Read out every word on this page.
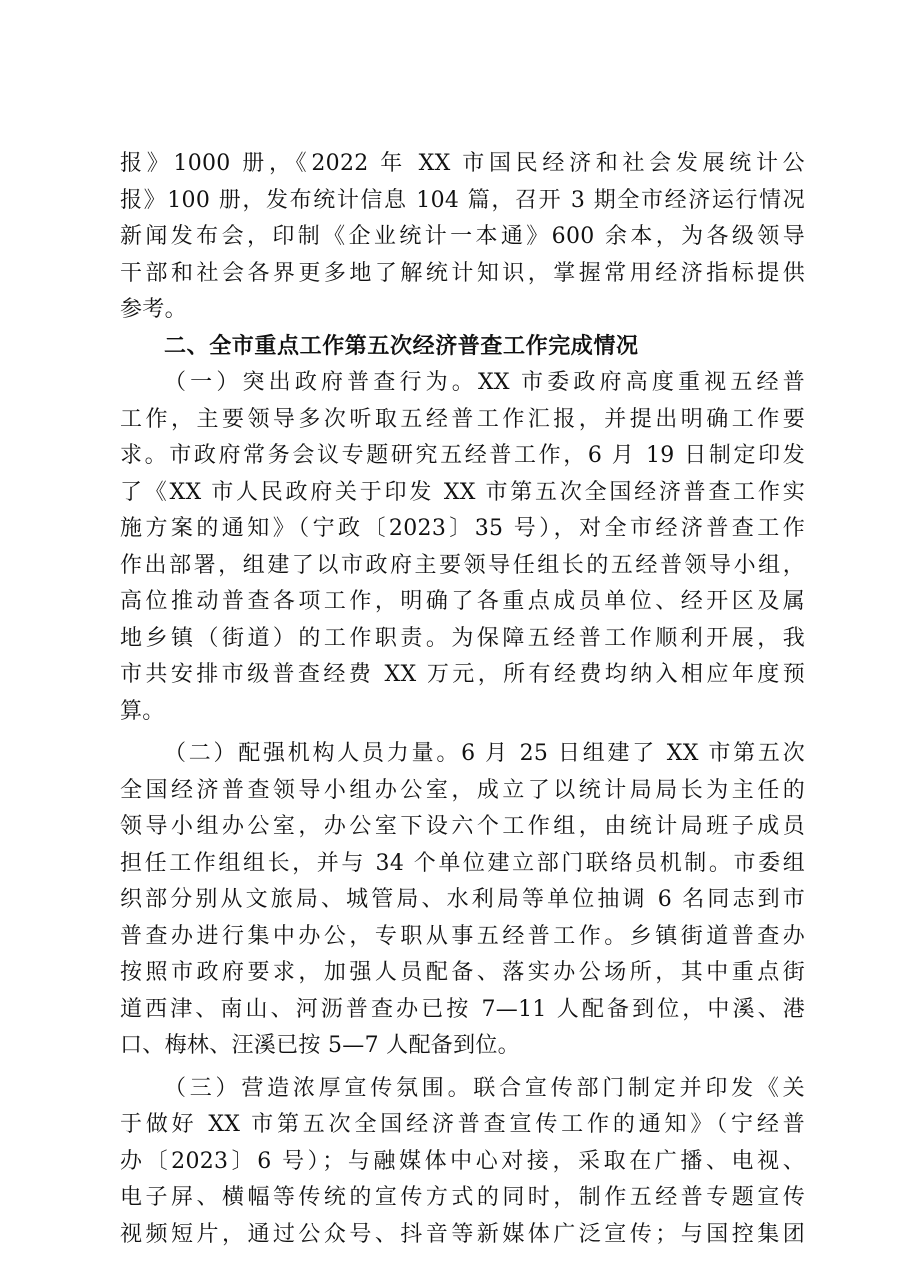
报》1000 册，《2022 年 XX 市国民经济和社会发展统计公
报》100 册，发布统计信息 104 篇，召开 3 期全市经济运行情况
新闻发布会，印制《企业统计一本通》600 余本，为各级领导
干部和社会各界更多地了解统计知识，掌握常用经济指标提供
参考。
二、全市重点工作第五次经济普查工作完成情况
（一）突出政府普查行为。XX 市委政府高度重视五经普
工作，主要领导多次听取五经普工作汇报，并提出明确工作要
求。市政府常务会议专题研究五经普工作，6 月 19 日制定印发
了《XX 市人民政府关于印发 XX 市第五次全国经济普查工作实
施方案的通知》（宁政〔2023〕35 号），对全市经济普查工作
作出部署，组建了以市政府主要领导任组长的五经普领导小组，
高位推动普查各项工作，明确了各重点成员单位、经开区及属
地乡镇（街道）的工作职责。为保障五经普工作顺利开展，我
市共安排市级普查经费 XX 万元，所有经费均纳入相应年度预
算。
（二）配强机构人员力量。6 月 25 日组建了 XX 市第五次
全国经济普查领导小组办公室，成立了以统计局局长为主任的
领导小组办公室，办公室下设六个工作组，由统计局班子成员
担任工作组组长，并与 34 个单位建立部门联络员机制。市委组
织部分别从文旅局、城管局、水利局等单位抽调 6 名同志到市
普查办进行集中办公，专职从事五经普工作。乡镇街道普查办
按照市政府要求，加强人员配备、落实办公场所，其中重点街
道西津、南山、河沥普查办已按 7—11 人配备到位，中溪、港
口、梅林、汪溪已按 5—7 人配备到位。
（三）营造浓厚宣传氛围。联合宣传部门制定并印发《关
于做好 XX 市第五次全国经济普查宣传工作的通知》（宁经普
办〔2023〕6 号）；与融媒体中心对接，采取在广播、电视、
电子屏、横幅等传统的宣传方式的同时，制作五经普专题宣传
视频短片，通过公众号、抖音等新媒体广泛宣传；与国控集团
